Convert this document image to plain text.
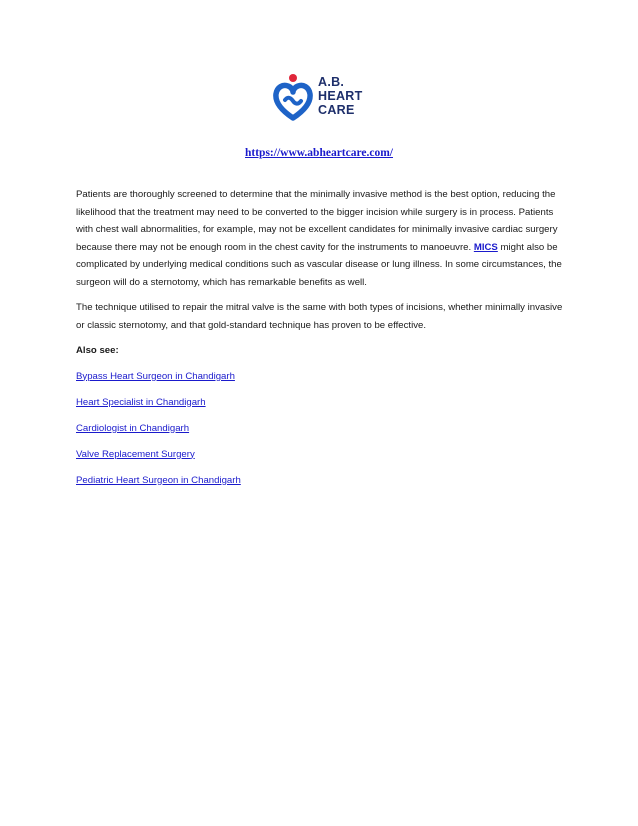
A.B.
HEART
CARE
https://www.abheartcare.com/

Patients are thoroughly screened to determine that the minimally invasive method is the best option, reducing the likelihood that the treatment may need to be converted to the bigger incision while surgery is in process. Patients with chest wall abnormalities, for example, may not be excellent candidates for minimally invasive cardiac surgery because there may not be enough room in the chest cavity for the instruments to manoeuvre. MICS might also be complicated by underlying medical conditions such as vascular disease or lung illness. In some circumstances, the surgeon will do a sternotomy, which has remarkable benefits as well.

The technique utilised to repair the mitral valve is the same with both types of incisions, whether minimally invasive or classic sternotomy, and that gold-standard technique has proven to be effective.

Also see:
Bypass Heart Surgeon in Chandigarh
Heart Specialist in Chandigarh
Cardiologist in Chandigarh
Valve Replacement Surgery
Pediatric Heart Surgeon in Chandigarh
